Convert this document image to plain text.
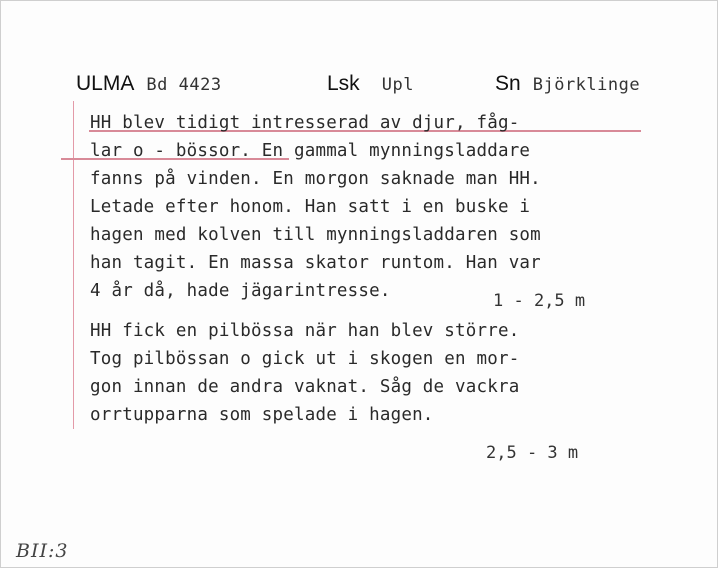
ULMA Bd 4423	Lsk Upl	Sn Björklinge
HH blev tidigt intresserad av djur, fåg-
lar o - bössor. En gammal mynningsladdare
fanns på vinden. En morgon saknade man HH.
Letade efter honom. Han satt i en buske i
hagen med kolven till mynningsladdaren som
han tagit. En massa skator runtom. Han var
4 år då, hade jägarintresse.	1 - 2,5 m
HH fick en pilbössa när han blev större.
Tog pilbössan o gick ut i skogen en mor-
gon innan de andra vaknat. Såg de vackra
orrtupparna som spelade i hagen.
2,5 - 3 m
BII:3
